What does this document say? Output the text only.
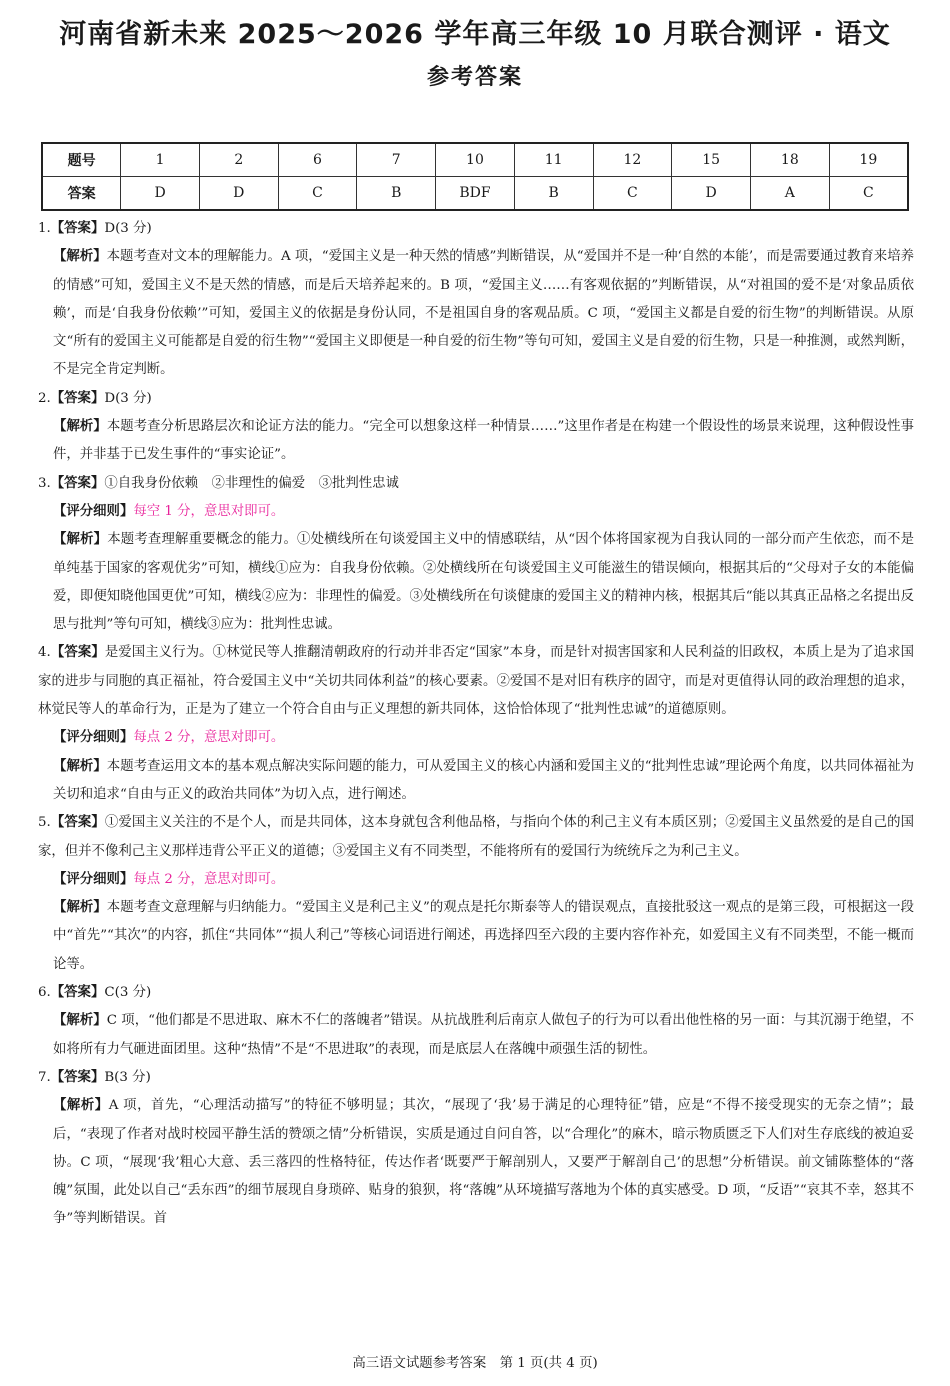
河南省新未来 2025～2026 学年高三年级 10 月联合测评 · 语文
参考答案
题号	1	2	6	7	10	11	12	15	18	19
答案	D	D	C	B	BDF	B	C	D	A	C

1.【答案】D(3 分)

【解析】本题考查对文本的理解能力。A 项，“爱国主义是一种天然的情感”判断错误，从“爱国并不是一种‘自然的本能’，而是需要通过教育来培养的情感”可知，爱国主义不是天然的情感，而是后天培养起来的。B 项，“爱国主义……有客观依据的”判断错误，从“对祖国的爱不是‘对象品质依赖’，而是‘自我身份依赖’”可知，爱国主义的依据是身份认同，不是祖国自身的客观品质。C 项，“爱国主义都是自爱的衍生物”的判断错误。从原文“所有的爱国主义可能都是自爱的衍生物”“爱国主义即便是一种自爱的衍生物”等句可知，爱国主义是自爱的衍生物，只是一种推测，或然判断，不是完全肯定判断。

2.【答案】D(3 分)

【解析】本题考查分析思路层次和论证方法的能力。“完全可以想象这样一种情景……”这里作者是在构建一个假设性的场景来说理，这种假设性事件，并非基于已发生事件的“事实论证”。

3.【答案】①自我身份依赖　②非理性的偏爱　③批判性忠诚

【评分细则】每空 1 分，意思对即可。

【解析】本题考查理解重要概念的能力。①处横线所在句谈爱国主义中的情感联结，从“因个体将国家视为自我认同的一部分而产生依恋，而不是单纯基于国家的客观优劣”可知，横线①应为：自我身份依赖。②处横线所在句谈爱国主义可能滋生的错误倾向，根据其后的“父母对子女的本能偏爱，即便知晓他国更优”可知，横线②应为：非理性的偏爱。③处横线所在句谈健康的爱国主义的精神内核，根据其后“能以其真正品格之名提出反思与批判”等句可知，横线③应为：批判性忠诚。

4.【答案】是爱国主义行为。①林觉民等人推翻清朝政府的行动并非否定“国家”本身，而是针对损害国家和人民利益的旧政权，本质上是为了追求国家的进步与同胞的真正福祉，符合爱国主义中“关切共同体利益”的核心要素。②爱国不是对旧有秩序的固守，而是对更值得认同的政治理想的追求，林觉民等人的革命行为，正是为了建立一个符合自由与正义理想的新共同体，这恰恰体现了“批判性忠诚”的道德原则。

【评分细则】每点 2 分，意思对即可。

【解析】本题考查运用文本的基本观点解决实际问题的能力，可从爱国主义的核心内涵和爱国主义的“批判性忠诚”理论两个角度，以共同体福祉为关切和追求“自由与正义的政治共同体”为切入点，进行阐述。

5.【答案】①爱国主义关注的不是个人，而是共同体，这本身就包含利他品格，与指向个体的利己主义有本质区别；②爱国主义虽然爱的是自己的国家，但并不像利己主义那样违背公平正义的道德；③爱国主义有不同类型，不能将所有的爱国行为统统斥之为利己主义。

【评分细则】每点 2 分，意思对即可。

【解析】本题考查文意理解与归纳能力。“爱国主义是利己主义”的观点是托尔斯泰等人的错误观点，直接批驳这一观点的是第三段，可根据这一段中“首先”“其次”的内容，抓住“共同体”“损人利己”等核心词语进行阐述，再选择四至六段的主要内容作补充，如爱国主义有不同类型，不能一概而论等。

6.【答案】C(3 分)

【解析】C 项，“他们都是不思进取、麻木不仁的落魄者”错误。从抗战胜利后南京人做包子的行为可以看出他性格的另一面：与其沉溺于绝望，不如将所有力气砸进面团里。这种“热情”不是“不思进取”的表现，而是底层人在落魄中顽强生活的韧性。

7.【答案】B(3 分)

【解析】A 项，首先，“心理活动描写”的特征不够明显；其次，“展现了‘我’易于满足的心理特征”错，应是“不得不接受现实的无奈之情”；最后，“表现了作者对战时校园平静生活的赞颂之情”分析错误，实质是通过自问自答，以“合理化”的麻木，暗示物质匮乏下人们对生存底线的被迫妥协。C 项，“展现‘我’粗心大意、丢三落四的性格特征，传达作者‘既要严于解剖别人，又要严于解剖自己’的思想”分析错误。前文铺陈整体的“落魄”氛围，此处以自己“丢东西”的细节展现自身琐碎、贴身的狼狈，将“落魄”从环境描写落地为个体的真实感受。D 项，“反语”“哀其不幸，怒其不争”等判断错误。首

高三语文试题参考答案　第 1 页(共 4 页)
